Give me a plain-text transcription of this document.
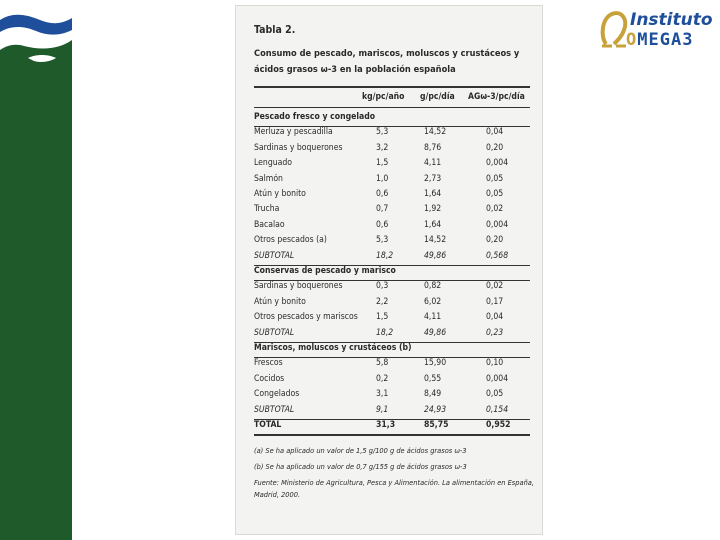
Instituto
OMEGA3
Tabla 2.
Consumo de pescado, mariscos, moluscos y crustáceos y ácidos grasos ω-3 en la población española
kg/pc/año g/pc/día AGω-3/pc/día
Pescado fresco y congelado
Merluza y pescadilla	5,3	14,52	0,04
Sardinas y boquerones	3,2	8,76	0,20
Lenguado	1,5	4,11	0,004
Salmón	1,0	2,73	0,05
Atún y bonito	0,6	1,64	0,05
Trucha	0,7	1,92	0,02
Bacalao	0,6	1,64	0,004
Otros pescados (a)	5,3	14,52	0,20
SUBTOTAL	18,2	49,86	0,568
Conservas de pescado y marisco
Sardinas y boquerones	0,3	0,82	0,02
Atún y bonito	2,2	6,02	0,17
Otros pescados y mariscos 1,5	4,11	0,04
SUBTOTAL	18,2	49,86	0,23
Mariscos, moluscos y crustáceos (b)
Frescos	5,8	15,90	0,10
Cocidos	0,2	0,55	0,004
Congelados	3,1	8,49	0,05
SUBTOTAL	9,1	24,93	0,154
TOTAL	31,3	85,75	0,952
(a) Se ha aplicado un valor de 1,5 g/100 g de ácidos grasos ω-3
(b) Se ha aplicado un valor de 0,7 g/155 g de ácidos grasos ω-3
Fuente: Ministerio de Agricultura, Pesca y Alimentación. La alimentación en España, Madrid, 2000.
